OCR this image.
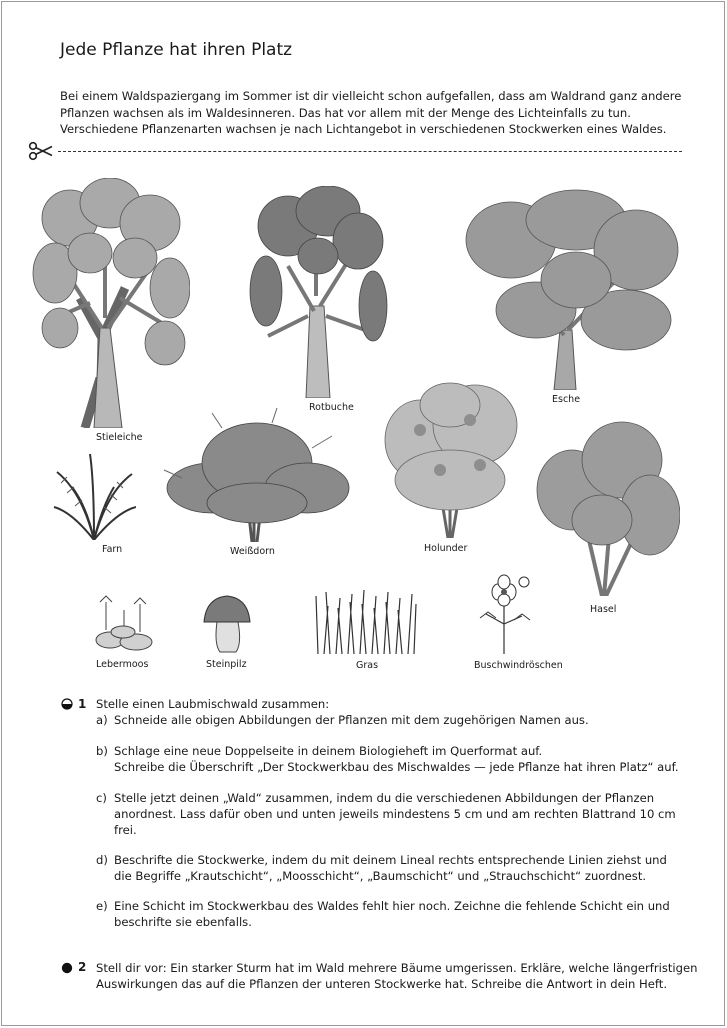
Jede Pflanze hat ihren Platz
Bei einem Waldspaziergang im Sommer ist dir vielleicht schon aufgefallen, dass am Waldrand ganz andere Pflanzen wachsen als im Waldesinneren. Das hat vor allem mit der Menge des Lichteinfalls zu tun. Verschiedene Pflanzenarten wachsen je nach Lichtangebot in verschiedenen Stockwerken eines Waldes.
Stieleiche
Rotbuche
Esche
Farn	Weißdorn	Holunder
Hasel
Lebermoos	Steinpilz	Gras	Buschwindröschen
1 Stelle einen Laubmischwald zusammen:
a) Schneide alle obigen Abbildungen der Pflanzen mit dem zugehörigen Namen aus.
b) Schlage eine neue Doppelseite in deinem Biologieheft im Querformat auf.
Schreibe die Überschrift „Der Stockwerkbau des Mischwaldes — jede Pflanze hat ihren Platz“ auf.
c) Stelle jetzt deinen „Wald“ zusammen, indem du die verschiedenen Abbildungen der Pflanzen
anordnest. Lass dafür oben und unten jeweils mindestens 5 cm und am rechten Blattrand 10 cm
frei.
d) Beschrifte die Stockwerke, indem du mit deinem Lineal rechts entsprechende Linien ziehst und
die Begriffe „Krautschicht“, „Moosschicht“, „Baumschicht“ und „Strauchschicht“ zuordnest.
e) Eine Schicht im Stockwerkbau des Waldes fehlt hier noch. Zeichne die fehlende Schicht ein und
beschrifte sie ebenfalls.
2 Stell dir vor: Ein starker Sturm hat im Wald mehrere Bäume umgerissen. Erkläre, welche längerfristigen
Auswirkungen das auf die Pflanzen der unteren Stockwerke hat. Schreibe die Antwort in dein Heft.
